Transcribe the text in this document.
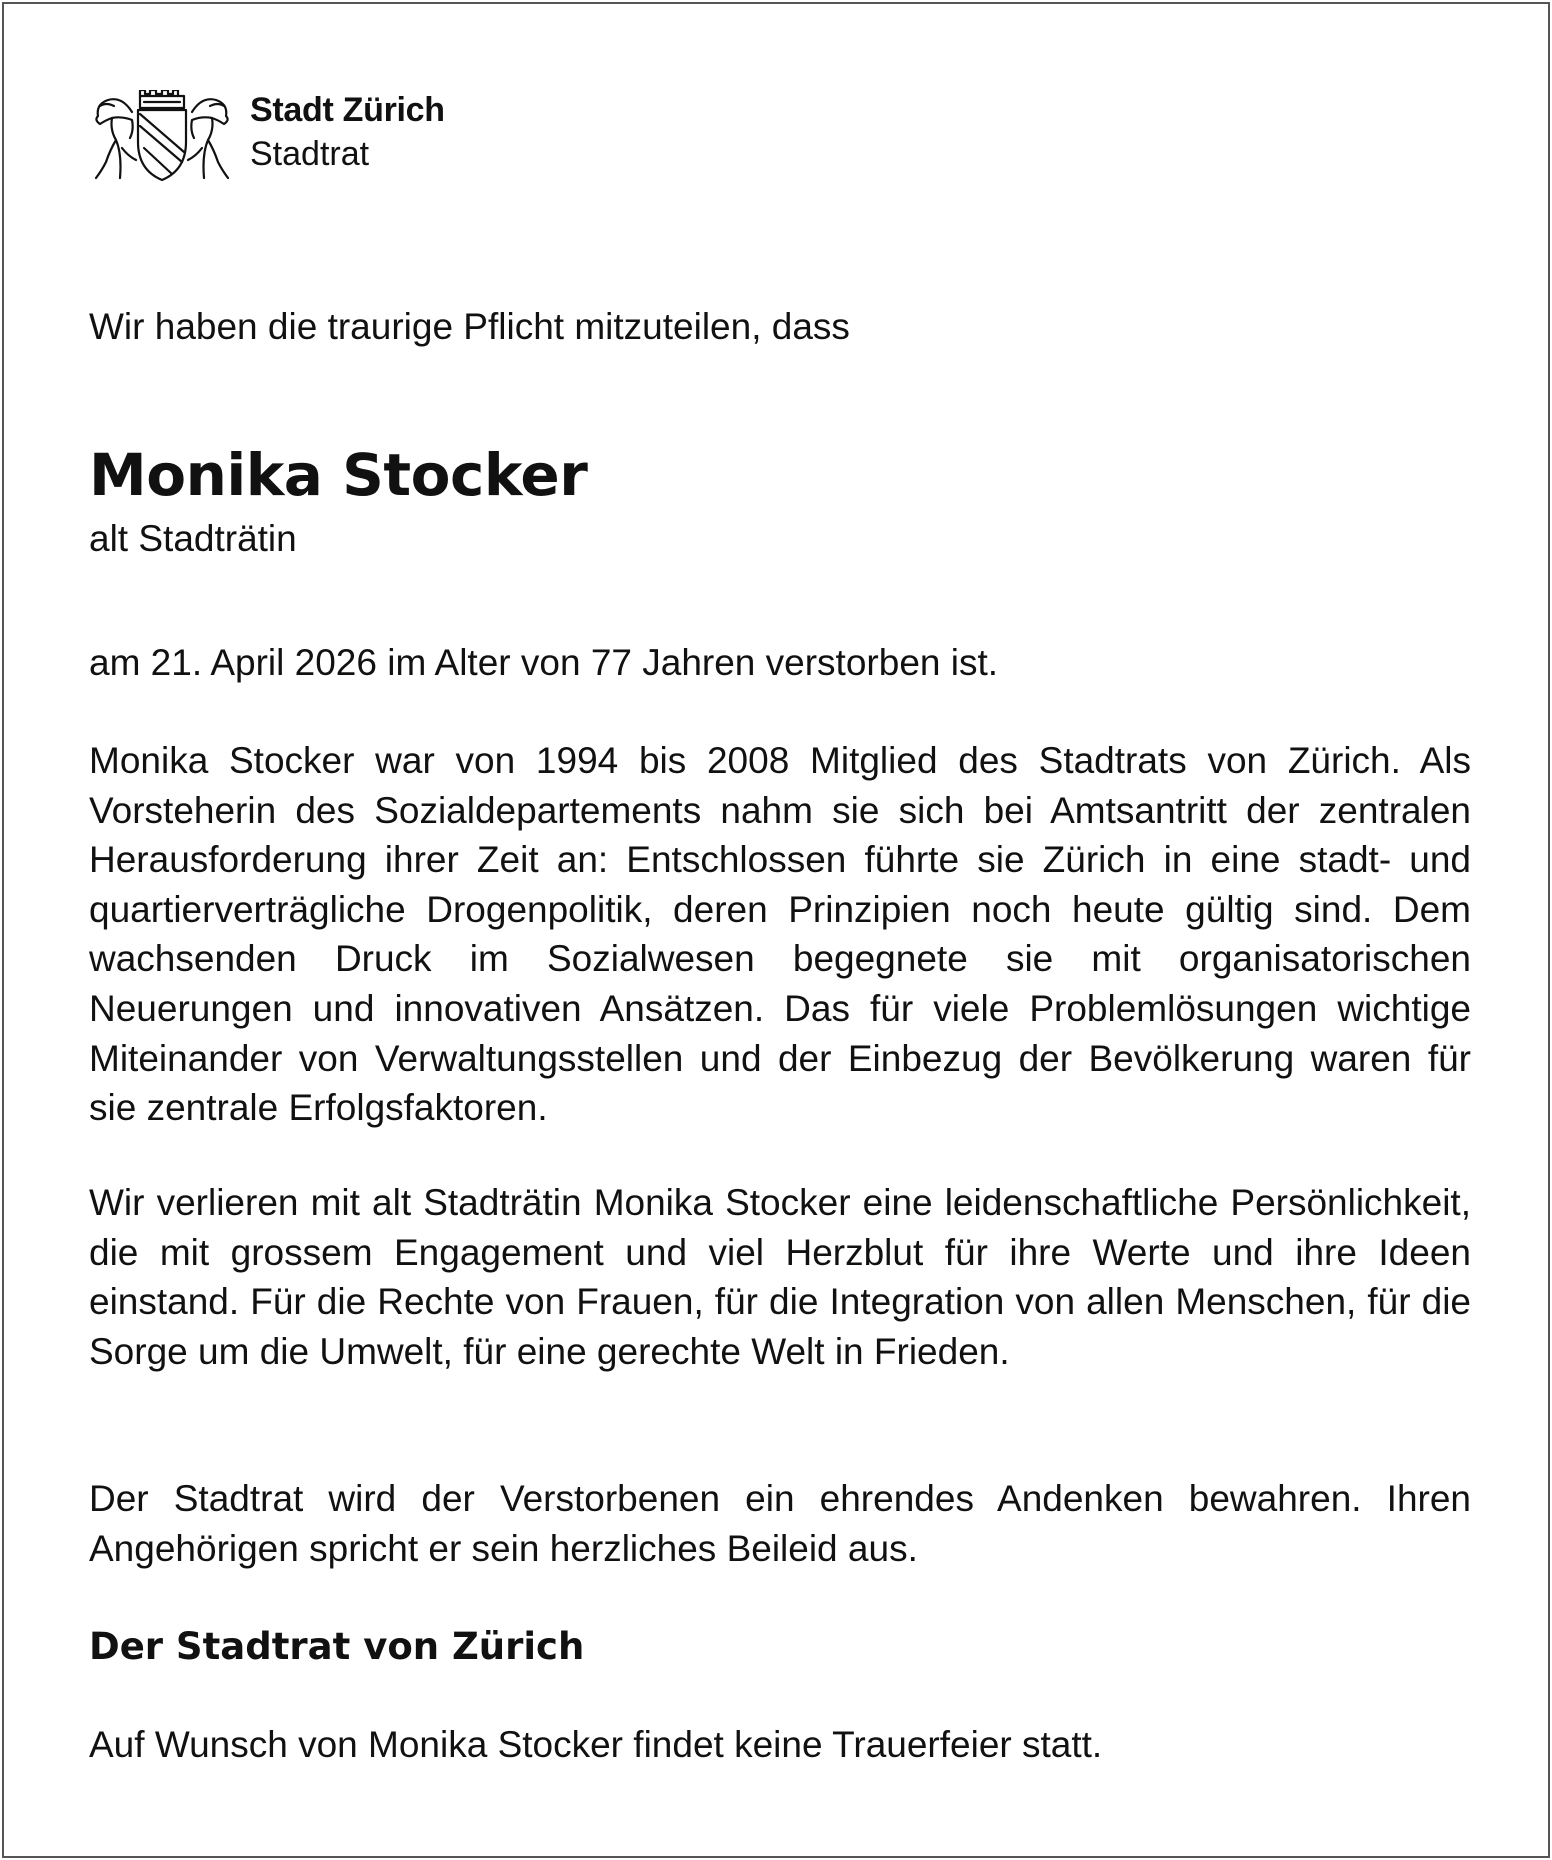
Stadt Zürich
Stadtrat

Wir haben die traurige Pflicht mitzuteilen, dass

Monika Stocker

alt Stadträtin

am 21. April 2026 im Alter von 77 Jahren verstorben ist.

Monika Stocker war von 1994 bis 2008 Mitglied des Stadtrats von Zürich. Als Vorsteherin des Sozialdepartements nahm sie sich bei Amtsantritt der zentralen Herausforderung ihrer Zeit an: Entschlossen führte sie Zürich in eine stadt- und quartierverträgliche Drogenpolitik, deren Prinzipien noch heute gültig sind. Dem wachsenden Druck im Sozialwesen begegnete sie mit organisatorischen Neuerungen und innovativen Ansätzen. Das für viele Problemlösungen wichtige Miteinander von Verwaltungsstellen und der Einbezug der Bevölkerung waren für sie zentrale Erfolgsfaktoren.

Wir verlieren mit alt Stadträtin Monika Stocker eine leidenschaftliche Persönlichkeit, die mit grossem Engagement und viel Herzblut für ihre Werte und ihre Ideen einstand. Für die Rechte von Frauen, für die Integration von allen Menschen, für die Sorge um die Umwelt, für eine gerechte Welt in Frieden.

Der Stadtrat wird der Verstorbenen ein ehrendes Andenken bewahren. Ihren Angehörigen spricht er sein herzliches Beileid aus.

Der Stadtrat von Zürich

Auf Wunsch von Monika Stocker findet keine Trauerfeier statt.
